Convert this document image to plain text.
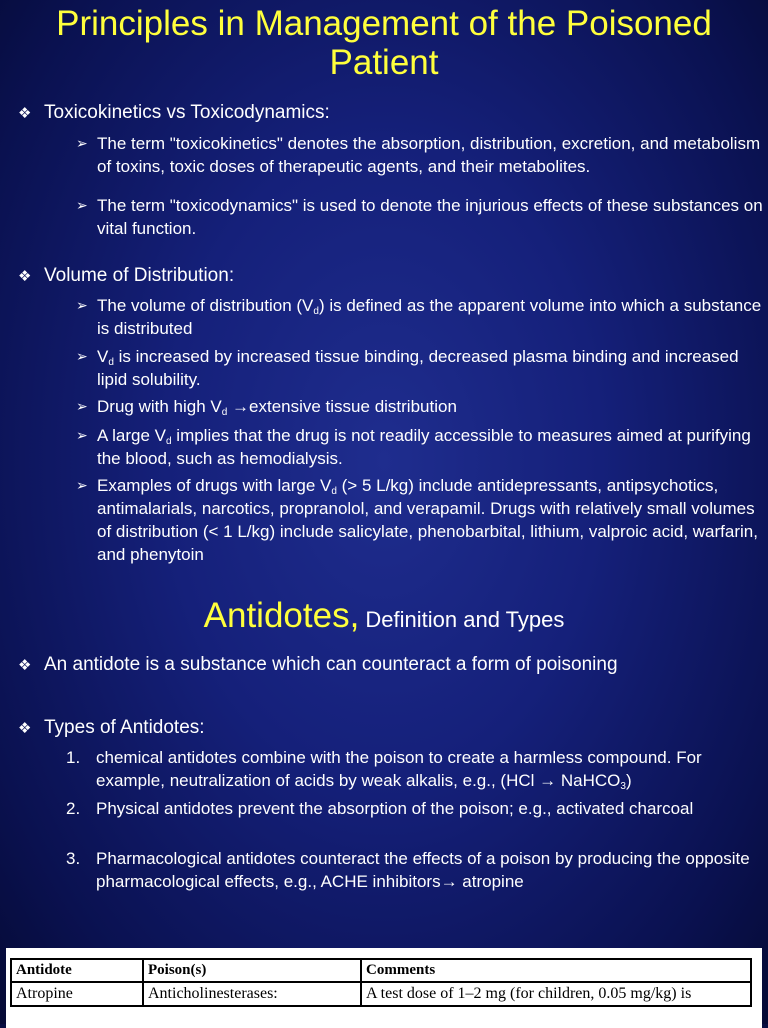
Principles in Management of the Poisoned Patient
❖ Toxicokinetics vs Toxicodynamics:
➢ The term "toxicokinetics" denotes the absorption, distribution, excretion, and metabolism of toxins, toxic doses of therapeutic agents, and their metabolites.
➢ The term "toxicodynamics" is used to denote the injurious effects of these substances on vital function.
❖ Volume of Distribution:
➢ The volume of distribution $(V_d)$ is defined as the apparent volume into which a substance is distributed
➢ $V_d$ is increased by increased tissue binding, decreased plasma binding and increased lipid solubility.
➢ Drug with high $V_d$ →extensive tissue distribution
➢ A large $V_d$ implies that the drug is not readily accessible to measures aimed at purifying the blood, such as hemodialysis.
➢ Examples of drugs with large $V_d$ (> 5 L/kg) include antidepressants, antipsychotics, antimalarials, narcotics, propranolol, and verapamil. Drugs with relatively small volumes of distribution (< 1 L/kg) include salicylate, phenobarbital, lithium, valproic acid, warfarin, and phenytoin
Antidotes, Definition and Types
❖ An antidote is a substance which can counteract a form of poisoning
❖ Types of Antidotes:
1. chemical antidotes combine with the poison to create a harmless compound. For example, neutralization of acids by weak alkalis, e.g., (HCl → NaHCO$_3$)
2. Physical antidotes prevent the absorption of the poison; e.g., activated charcoal
3. Pharmacological antidotes counteract the effects of a poison by producing the opposite pharmacological effects, e.g., ACHE inhibitors→ atropine
Antidote	Poison(s)	Comments
Atropine	Anticholinesterases:	A test dose of 1–2 mg (for children, 0.05 mg/kg) is
